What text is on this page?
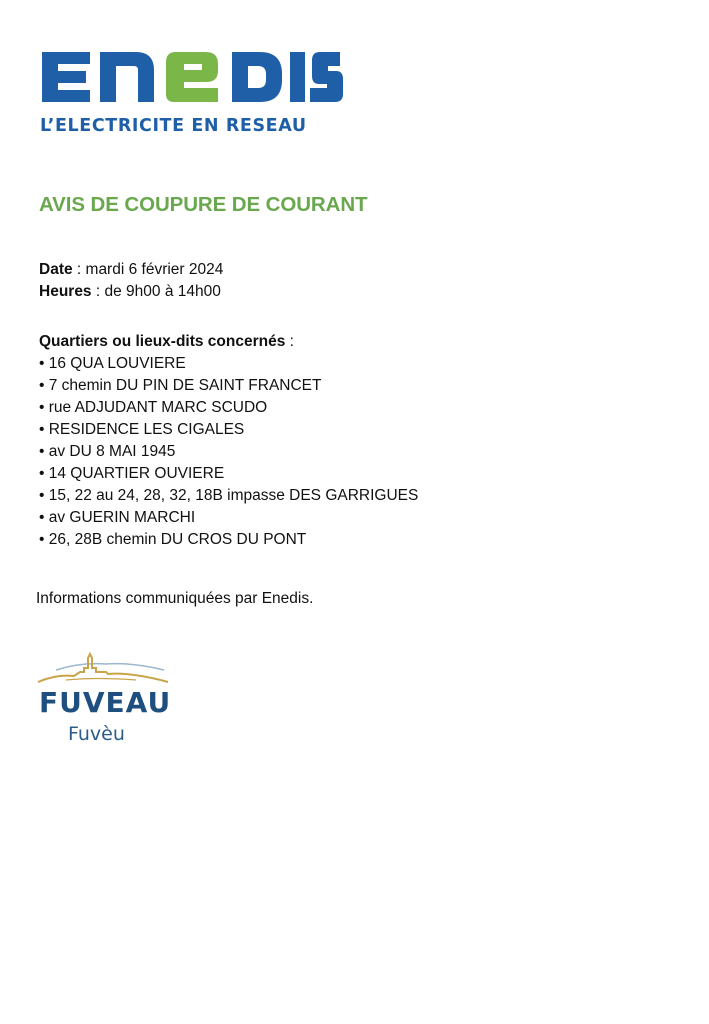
L’ELECTRICITE EN RESEAU
AVIS DE COUPURE DE COURANT
Date : mardi 6 février 2024
Heures : de 9h00 à 14h00
Quartiers ou lieux-dits concernés :
• 16 QUA LOUVIERE
• 7 chemin DU PIN DE SAINT FRANCET
• rue ADJUDANT MARC SCUDO
• RESIDENCE LES CIGALES
• av DU 8 MAI 1945
• 14 QUARTIER OUVIERE
• 15, 22 au 24, 28, 32, 18B impasse DES GARRIGUES
• av GUERIN MARCHI
• 26, 28B chemin DU CROS DU PONT
Informations communiquées par Enedis.
FUVEAU
Fuvèu
